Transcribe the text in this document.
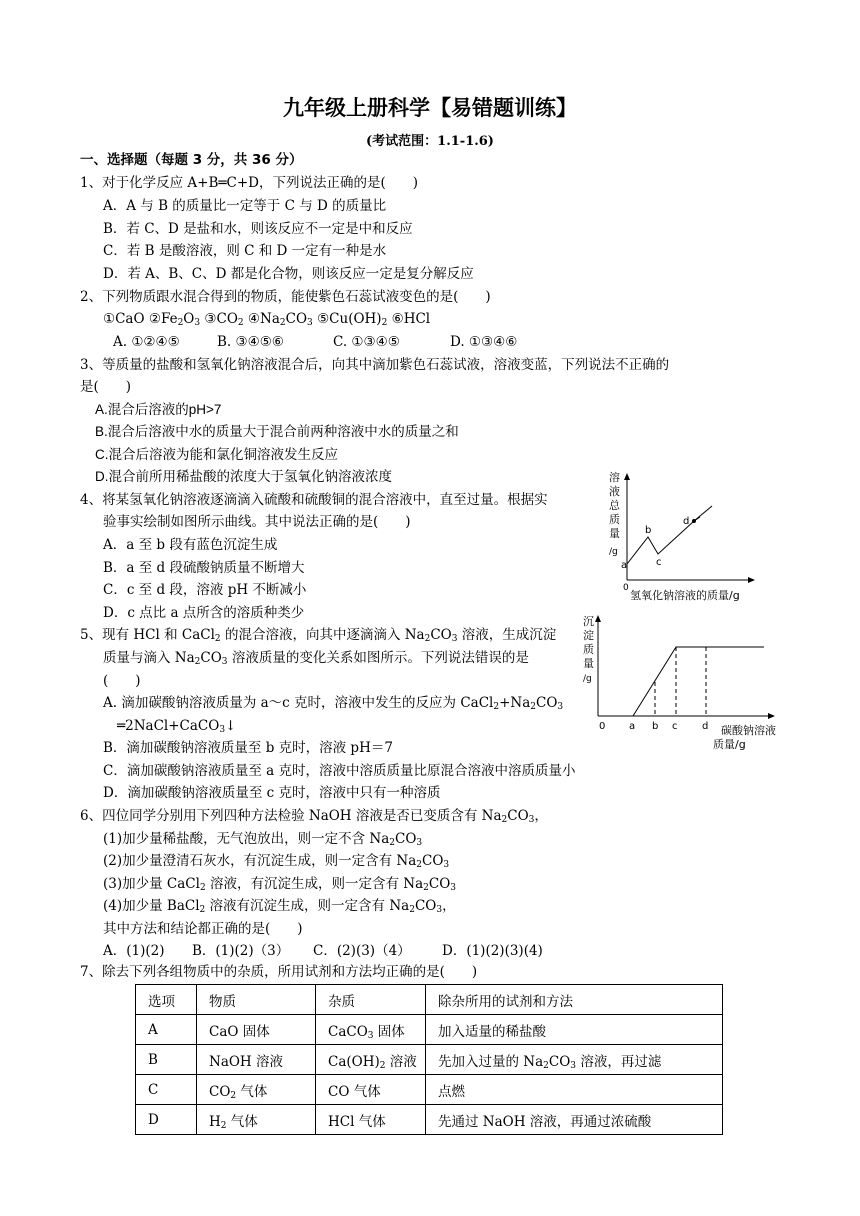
九年级上册科学【易错题训练】
(考试范围：1.1-1.6)
一、选择题（每题 3 分，共 36 分）
1、对于化学反应 A+B═C+D，下列说法正确的是(　　)
A．A 与 B 的质量比一定等于 C 与 D 的质量比
B．若 C、D 是盐和水，则该反应不一定是中和反应
C．若 B 是酸溶液，则 C 和 D 一定有一种是水
D．若 A、B、C、D 都是化合物，则该反应一定是复分解反应
2、下列物质跟水混合得到的物质，能使紫色石蕊试液变色的是(　　)
①CaO $②Fe_2O_3$ $③CO_2$ $④Na_2CO_3$ $⑤Cu(OH)_2$ ⑥HCl
A. ①②④⑤	B. ③④⑤⑥	C. ①③④⑤	D. ①③④⑥
3、等质量的盐酸和氢氧化钠溶液混合后，向其中滴加紫色石蕊试液，溶液变蓝，下列说法不正确的
是(　　)
A.混合后溶液的pH>7
B.混合后溶液中水的质量大于混合前两种溶液中水的质量之和
C.混合后溶液为能和氯化铜溶液发生反应
D.混合前所用稀盐酸的浓度大于氢氧化钠溶液浓度
4、将某氢氧化钠溶液逐滴滴入硫酸和硫酸铜的混合溶液中，直至过量。根据实
验事实绘制如图所示曲线。其中说法正确的是(　　)
A．a 至 b 段有蓝色沉淀生成
B．a 至 d 段硫酸钠质量不断增大
C．c 至 d 段，溶液 pH 不断减小
D．c 点比 a 点所含的溶质种类少
溶
液
总
质
量
/g
a
b
c
d
0
氢氧化钠溶液的质量/g
5、现有 HCl 和 CaCl$_2$ 的混合溶液，向其中逐滴滴入 $Na_2CO_3$ 溶液，生成沉淀
质量与滴入 $Na_2CO_3$ 溶液质量的变化关系如图所示。下列说法错误的是
(　　)
A. 滴加碳酸钠溶液质量为 a～c 克时，溶液中发生的反应为 $CaCl_2+Na_2CO_3$
═2NaCl+CaCO$_3$↓
B．滴加碳酸钠溶液质量至 b 克时，溶液 pH＝7
C．滴加碳酸钠溶液质量至 a 克时，溶液中溶质质量比原混合溶液中溶质质量小
D．滴加碳酸钠溶液质量至 c 克时，溶液中只有一种溶质
沉
淀
质
量
/g
0 a b c d 碳酸钠溶液
质量/g
6、四位同学分别用下列四种方法检验 NaOH 溶液是否已变质含有 $Na_2CO_3$，
(1)加少量稀盐酸，无气泡放出，则一定不含 $Na_2CO_3$
(2)加少量澄清石灰水，有沉淀生成，则一定含有 $Na_2CO_3$
(3)加少量 CaCl$_2$ 溶液，有沉淀生成，则一定含有 $Na_2CO_3$
(4)加少量 BaCl$_2$ 溶液有沉淀生成，则一定含有 $Na_2CO_3$，
其中方法和结论都正确的是(　　)
A．(1)(2) B．(1)(2)（3） C．(2)(3)（4） D．(1)(2)(3)(4)
7、除去下列各组物质中的杂质，所用试剂和方法均正确的是(　　)
选项	物质	杂质	除杂所用的试剂和方法
A	CaO 固体	CaCO$_3$ 固体	加入适量的稀盐酸
B	NaOH 溶液	$Ca(OH)_2$ 溶液	先加入过量的 $Na_2CO_3$ 溶液，再过滤
C	$CO_2$ 气体	CO 气体	点燃
D	$H_2$ 气体	HCl 气体	先通过 NaOH 溶液，再通过浓硫酸
